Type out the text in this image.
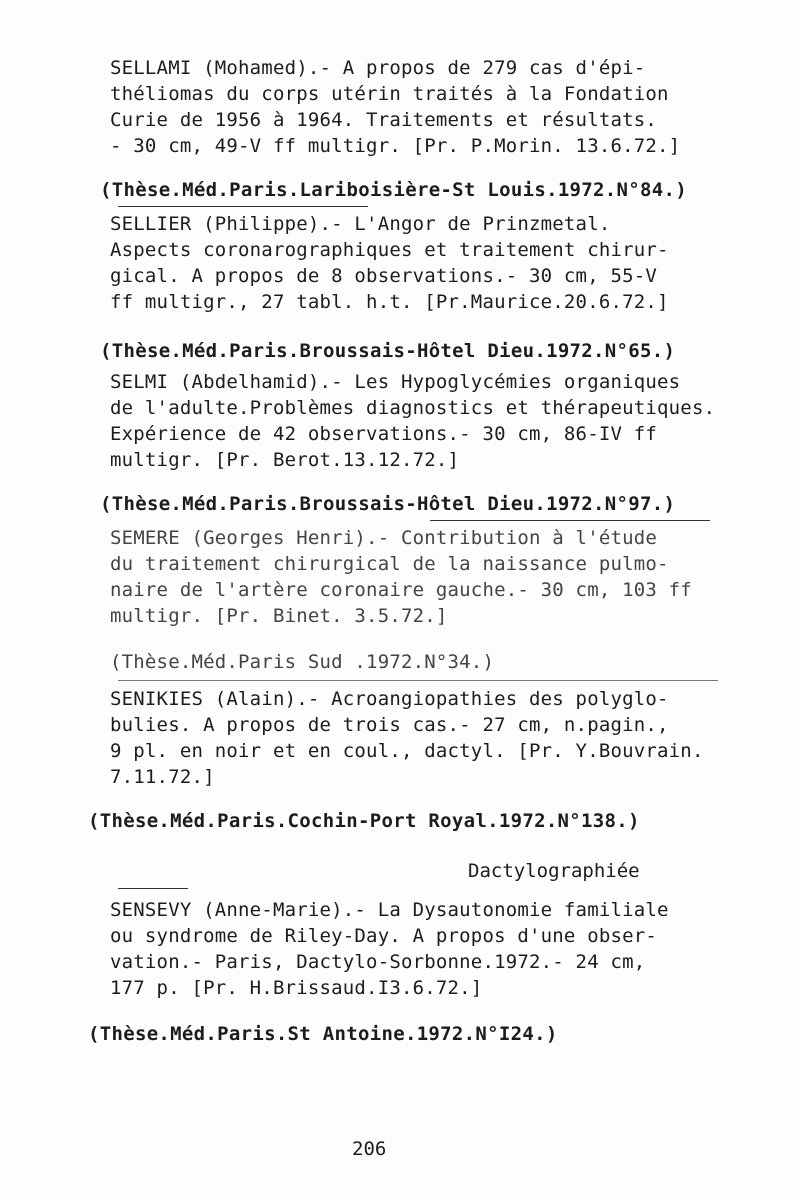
SELLAMI (Mohamed).- A propos de 279 cas d'épi-
théliomas du corps utérin traités à la Fondation
Curie de 1956 à 1964. Traitements et résultats.
- 30 cm, 49-V ff multigr. [Pr. P.Morin. 13.6.72.]
(Thèse.Méd.Paris.Lariboisière-St Louis.1972.N°84.)
SELLIER (Philippe).- L'Angor de Prinzmetal.
Aspects coronarographiques et traitement chirur-
gical. A propos de 8 observations.- 30 cm, 55-V
ff multigr., 27 tabl. h.t. [Pr.Maurice.20.6.72.]
(Thèse.Méd.Paris.Broussais-Hôtel Dieu.1972.N°65.)
SELMI (Abdelhamid).- Les Hypoglycémies organiques
de l'adulte.Problèmes diagnostics et thérapeutiques.
Expérience de 42 observations.- 30 cm, 86-IV ff
multigr. [Pr. Berot.13.12.72.]
(Thèse.Méd.Paris.Broussais-Hôtel Dieu.1972.N°97.)
SEMERE (Georges Henri).- Contribution à l'étude
du traitement chirurgical de la naissance pulmo-
naire de l'artère coronaire gauche.- 30 cm, 103 ff
multigr. [Pr. Binet. 3.5.72.]
(Thèse.Méd.Paris Sud .1972.N°34.)
SENIKIES (Alain).- Acroangiopathies des polyglo-
bulies. A propos de trois cas.- 27 cm, n.pagin.,
9 pl. en noir et en coul., dactyl. [Pr. Y.Bouvrain.
7.11.72.]
(Thèse.Méd.Paris.Cochin-Port Royal.1972.N°138.)
Dactylographiée
SENSEVY (Anne-Marie).- La Dysautonomie familiale
ou syndrome de Riley-Day. A propos d'une obser-
vation.- Paris, Dactylo-Sorbonne.1972.- 24 cm,
177 p. [Pr. H.Brissaud.I3.6.72.]
(Thèse.Méd.Paris.St Antoine.1972.N°I24.)
206
